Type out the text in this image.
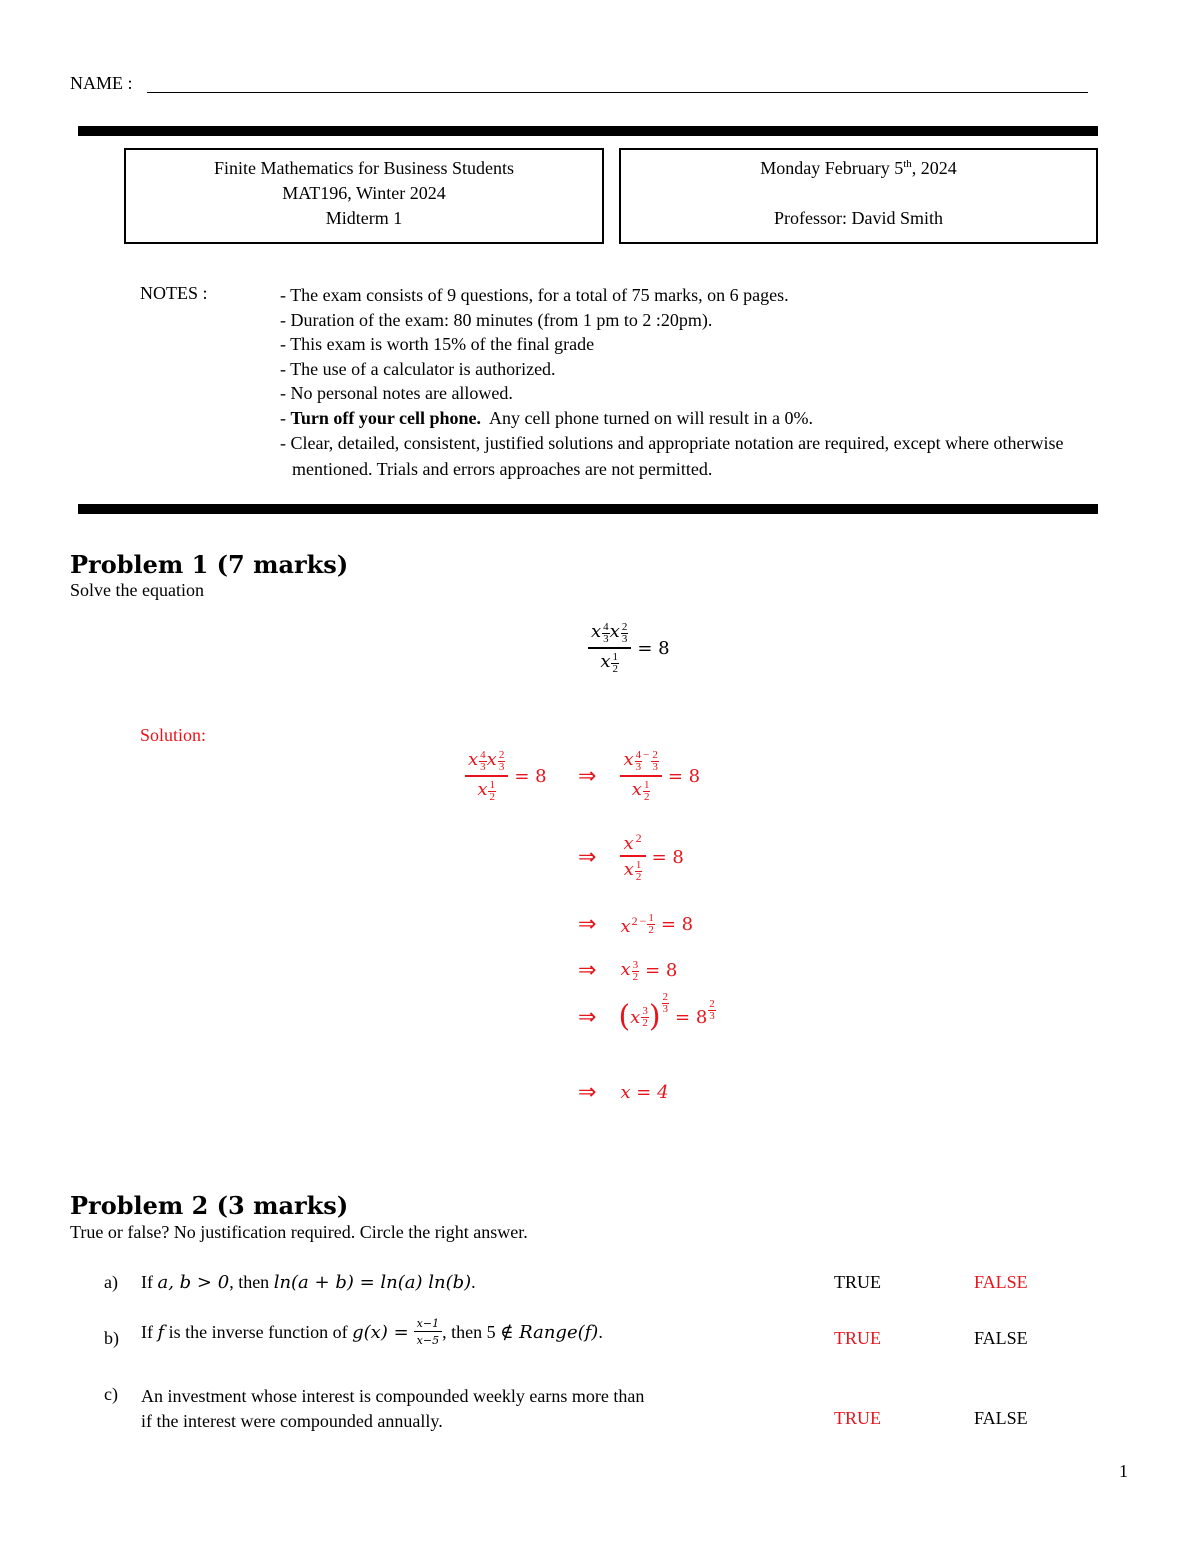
NAME :
Finite Mathematics for Business Students
MAT196, Winter 2024
Midterm 1
Monday February 5th, 2024
Professor: David Smith
NOTES :	- The exam consists of 9 questions, for a total of 75 marks, on 6 pages.
- Duration of the exam: 80 minutes (from 1 pm to 2 :20pm).
- This exam is worth 15% of the final grade
- The use of a calculator is authorized.
- No personal notes are allowed.
- Turn off your cell phone.  Any cell phone turned on will result in a 0%.
- Clear, detailed, consistent, justified solutions and appropriate notation are required, except where otherwise mentioned. Trials and errors approaches are not permitted.
Problem 1 (7 marks)
Solve the equation
$\frac{x \frac{4}{3} x \frac{2}{3}}{x \frac{1}{2}} = 8$
Solution:
$\frac{x \frac{4}{3} x \frac{2}{3}}{x \frac{1}{2}} = 8$ ⇒ x $\frac{4}{3}$ −
$\frac{2}{3}$
x $\frac{1}{2} = 8$
⇒ $\frac{x 2}{x \frac{1}{2}} = 8$
⇒ x $2 - \frac{1}{2} = 8$
⇒ x $\frac{3}{2} = 8$
⇒ ( x 3
2 )
2
3 = 8
2
3
⇒ x = 4
Problem 2 (3 marks)
True or false? No justification required. Circle the right answer.
a) If a, b > 0, then ln(a + b) = ln(a) ln(b).	TRUE	FALSE
b) If f is the inverse function of $g(x) = \frac{x-1}{x-5}$ , then 5 ∉ Range(f) .	TRUE	FALSE
c) An investment whose interest is compounded weekly earns more than
if the interest were compounded annually.	TRUE	FALSE
1
